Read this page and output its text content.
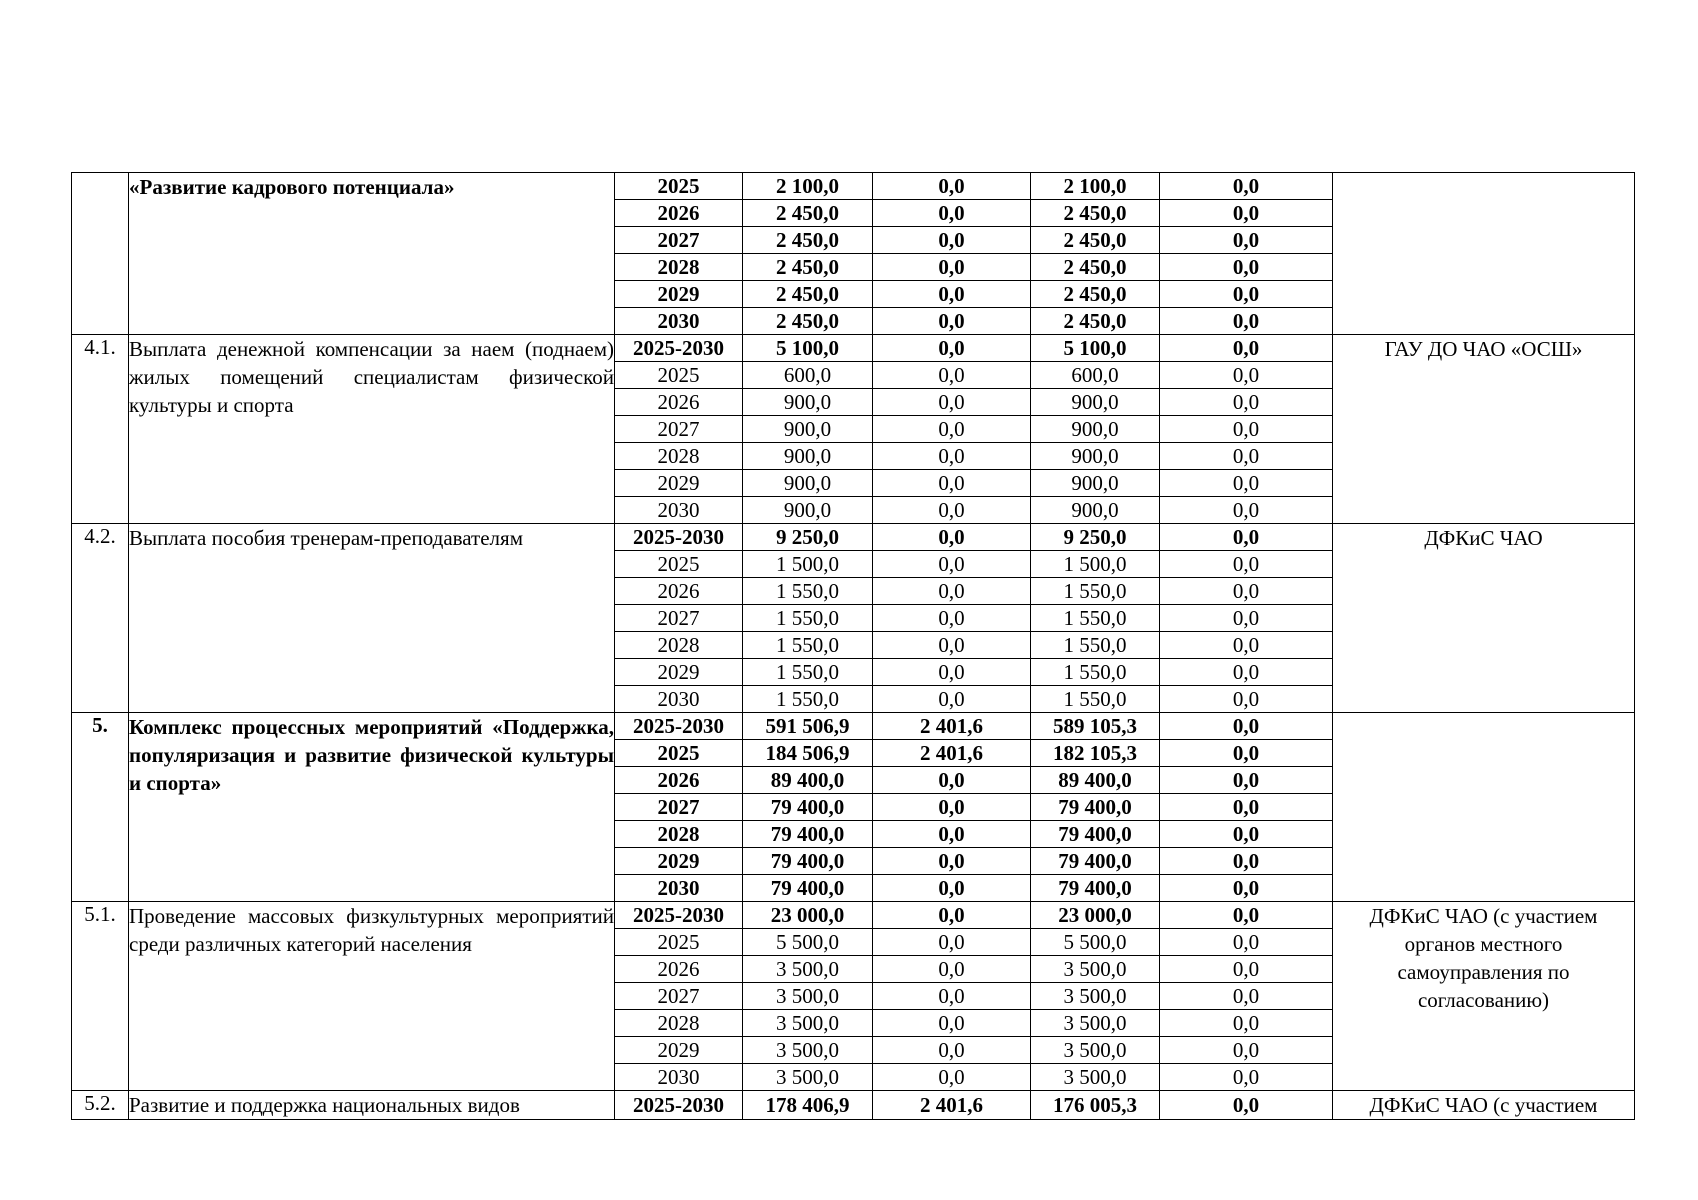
	«Развитие кадрового потенциала»	2025	2 100,0	0,0	2 100,0	0,0	
		2026	2 450,0	0,0	2 450,0	0,0	
		2027	2 450,0	0,0	2 450,0	0,0	
		2028	2 450,0	0,0	2 450,0	0,0	
		2029	2 450,0	0,0	2 450,0	0,0	
		2030	2 450,0	0,0	2 450,0	0,0	
4.1.	Выплата денежной компенсации за наем (поднаем) жилых помещений специалистам физической культуры и спорта	2025-2030	5 100,0	0,0	5 100,0	0,0	ГАУ ДО ЧАО «ОСШ»
		2025	600,0	0,0	600,0	0,0	
		2026	900,0	0,0	900,0	0,0	
		2027	900,0	0,0	900,0	0,0	
		2028	900,0	0,0	900,0	0,0	
		2029	900,0	0,0	900,0	0,0	
		2030	900,0	0,0	900,0	0,0	
4.2.	Выплата пособия тренерам-преподавателям	2025-2030	9 250,0	0,0	9 250,0	0,0	ДФКиС ЧАО
		2025	1 500,0	0,0	1 500,0	0,0	
		2026	1 550,0	0,0	1 550,0	0,0	
		2027	1 550,0	0,0	1 550,0	0,0	
		2028	1 550,0	0,0	1 550,0	0,0	
		2029	1 550,0	0,0	1 550,0	0,0	
		2030	1 550,0	0,0	1 550,0	0,0	
5.	Комплекс процессных мероприятий «Поддержка, популяризация и развитие физической культуры и спорта»	2025-2030	591 506,9	2 401,6	589 105,3	0,0	
		2025	184 506,9	2 401,6	182 105,3	0,0	
		2026	89 400,0	0,0	89 400,0	0,0	
		2027	79 400,0	0,0	79 400,0	0,0	
		2028	79 400,0	0,0	79 400,0	0,0	
		2029	79 400,0	0,0	79 400,0	0,0	
		2030	79 400,0	0,0	79 400,0	0,0	
5.1.	Проведение массовых физкультурных мероприятий среди различных категорий населения	2025-2030	23 000,0	0,0	23 000,0	0,0	ДФКиС ЧАО (с участием органов местного самоуправления по согласованию)
		2025	5 500,0	0,0	5 500,0	0,0	
		2026	3 500,0	0,0	3 500,0	0,0	
		2027	3 500,0	0,0	3 500,0	0,0	
		2028	3 500,0	0,0	3 500,0	0,0	
		2029	3 500,0	0,0	3 500,0	0,0	
		2030	3 500,0	0,0	3 500,0	0,0	
5.2.	Развитие и поддержка национальных видов	2025-2030	178 406,9	2 401,6	176 005,3	0,0	ДФКиС ЧАО (с участием
